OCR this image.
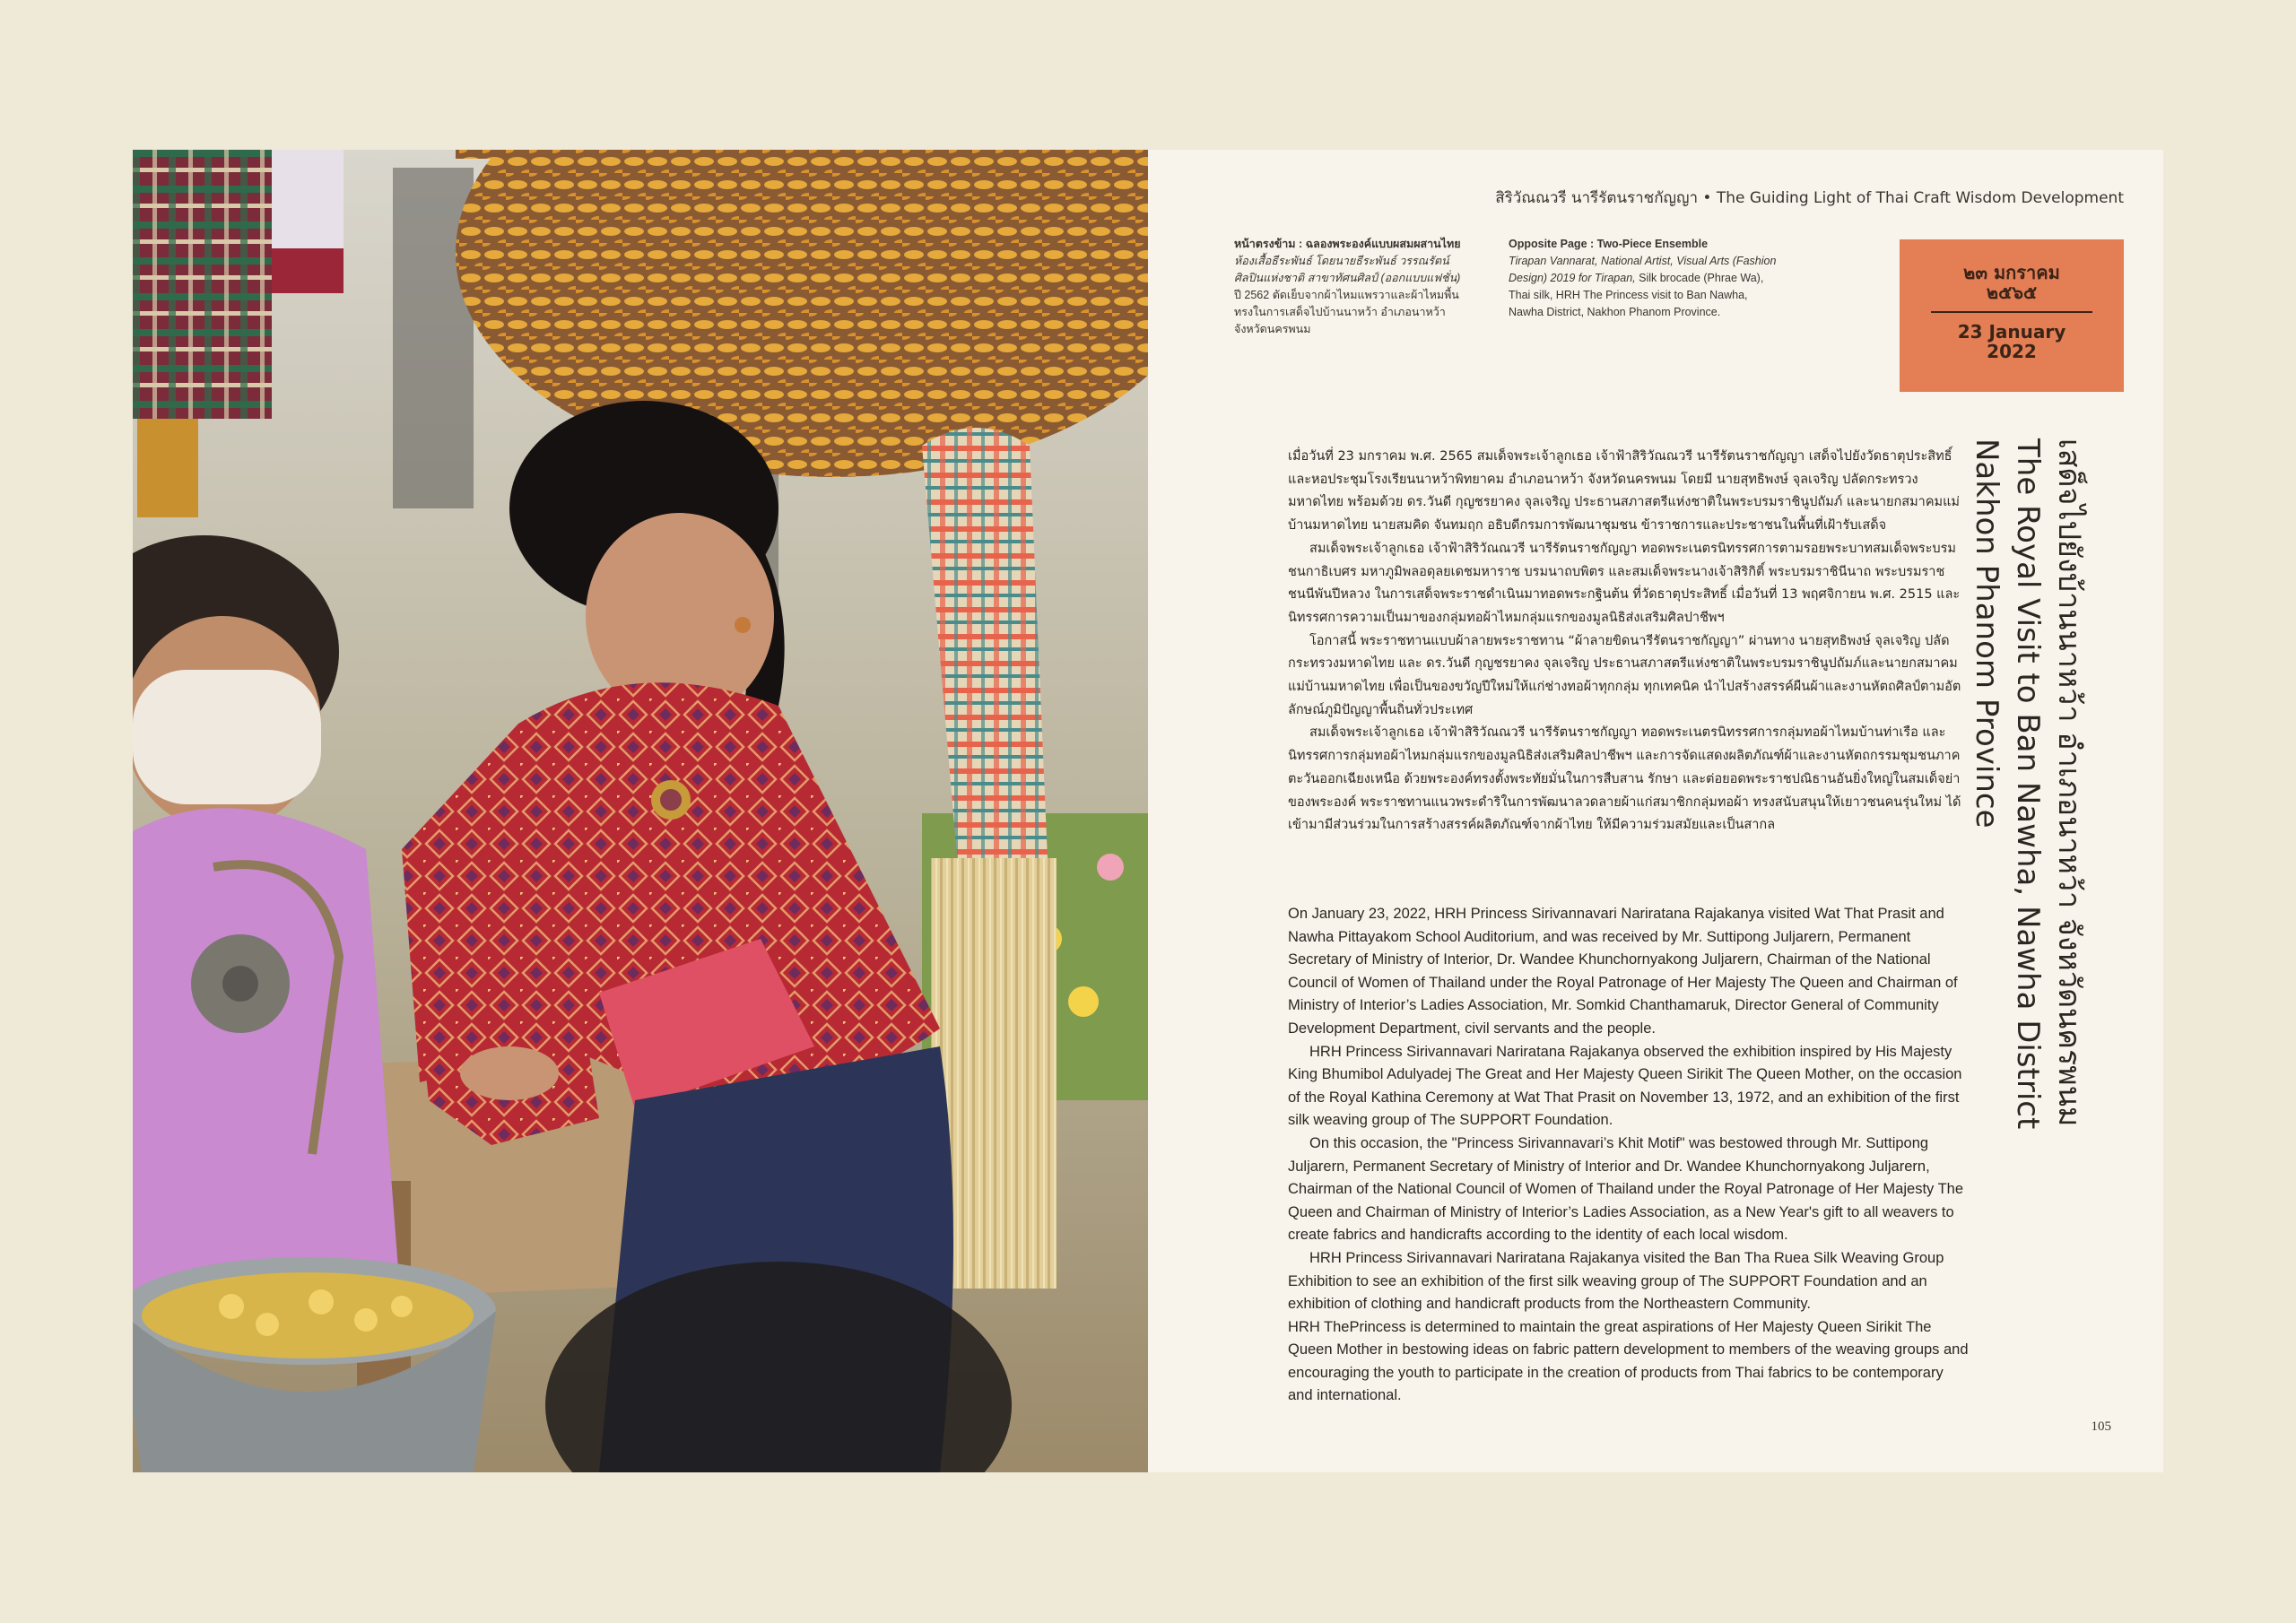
สิริวัณณวรี นารีรัตนราชกัญญา • The Guiding Light of Thai Craft Wisdom Development
หน้าตรงข้าม : ฉลองพระองค์แบบผสมผสานไทย
ห้องเสื้อธีระพันธ์ โดยนายธีระพันธ์ วรรณรัตน์
ศิลปินแห่งชาติ สาขาทัศนศิลป์ (ออกแบบแฟชั่น)
ปี 2562 ตัดเย็บจากผ้าไหมแพรวาและผ้าไหมพื้น
ทรงในการเสด็จไปบ้านนาหว้า อำเภอนาหว้า
จังหวัดนครพนม
Opposite Page : Two-Piece Ensemble
Tirapan Vannarat, National Artist, Visual Arts (Fashion Design) 2019 for Tirapan, Silk brocade (Phrae Wa), Thai silk, HRH The Princess visit to Ban Nawha, Nawha District, Nakhon Phanom Province.
๒๓ มกราคม
๒๕๖๕
23 January
2022
เสด็จไปยังบ้านนาหว้า อำเภอนาหว้า จังหวัดนครพนม
The Royal Visit to Ban Nawha, Nawha District
Nakhon Phanom Province

เมื่อวันที่ 23 มกราคม พ.ศ. 2565 สมเด็จพระเจ้าลูกเธอ เจ้าฟ้าสิริวัณณวรี นารีรัตนราชกัญญา เสด็จไปยังวัดธาตุประสิทธิ์ และหอประชุมโรงเรียนนาหว้าพิทยาคม อำเภอนาหว้า จังหวัดนครพนม โดยมี นายสุทธิพงษ์ จุลเจริญ ปลัดกระทรวงมหาดไทย พร้อมด้วย ดร.วันดี กุญชรยาคง จุลเจริญ ประธานสภาสตรีแห่งชาติในพระบรมราชินูปถัมภ์ และนายกสมาคมแม่บ้านมหาดไทย นายสมคิด จันทมฤก อธิบดีกรมการพัฒนาชุมชน ข้าราชการและประชาชนในพื้นที่เฝ้ารับเสด็จ

สมเด็จพระเจ้าลูกเธอ เจ้าฟ้าสิริวัณณวรี นารีรัตนราชกัญญา ทอดพระเนตรนิทรรศการตามรอยพระบาทสมเด็จพระบรมชนกาธิเบศร มหาภูมิพลอดุลยเดชมหาราช บรมนาถบพิตร และสมเด็จพระนางเจ้าสิริกิติ์ พระบรมราชินีนาถ พระบรมราชชนนีพันปีหลวง ในการเสด็จพระราชดำเนินมาทอดพระกฐินต้น ที่วัดธาตุประสิทธิ์ เมื่อวันที่ 13 พฤศจิกายน พ.ศ. 2515 และนิทรรศการความเป็นมาของกลุ่มทอผ้าไหมกลุ่มแรกของมูลนิธิส่งเสริมศิลปาชีพฯ

โอกาสนี้ พระราชทานแบบผ้าลายพระราชทาน “ผ้าลายขิดนารีรัตนราชกัญญา” ผ่านทาง นายสุทธิพงษ์ จุลเจริญ ปลัดกระทรวงมหาดไทย และ ดร.วันดี กุญชรยาคง จุลเจริญ ประธานสภาสตรีแห่งชาติในพระบรมราชินูปถัมภ์และนายกสมาคมแม่บ้านมหาดไทย เพื่อเป็นของขวัญปีใหม่ให้แก่ช่างทอผ้าทุกกลุ่ม ทุกเทคนิค นำไปสร้างสรรค์ผืนผ้าและงานหัตถศิลป์ตามอัตลักษณ์ภูมิปัญญาพื้นถิ่นทั่วประเทศ

สมเด็จพระเจ้าลูกเธอ เจ้าฟ้าสิริวัณณวรี นารีรัตนราชกัญญา ทอดพระเนตรนิทรรศการกลุ่มทอผ้าไหมบ้านท่าเรือ และนิทรรศการกลุ่มทอผ้าไหมกลุ่มแรกของมูลนิธิส่งเสริมศิลปาชีพฯ และการจัดแสดงผลิตภัณฑ์ผ้าและงานหัตถกรรมชุมชนภาคตะวันออกเฉียงเหนือ ด้วยพระองค์ทรงตั้งพระทัยมั่นในการสืบสาน รักษา และต่อยอดพระราชปณิธานอันยิ่งใหญ่ในสมเด็จย่าของพระองค์ พระราชทานแนวพระดำริในการพัฒนาลวดลายผ้าแก่สมาชิกกลุ่มทอผ้า ทรงสนับสนุนให้เยาวชนคนรุ่นใหม่ ได้เข้ามามีส่วนร่วมในการสร้างสรรค์ผลิตภัณฑ์จากผ้าไทย ให้มีความร่วมสมัยและเป็นสากล

On January 23, 2022, HRH Princess Sirivannavari Nariratana Rajakanya visited Wat That Prasit and Nawha Pittayakom School Auditorium, and was received by Mr. Suttipong Juljarern, Permanent Secretary of Ministry of Interior, Dr. Wandee Khunchornyakong Juljarern, Chairman of the National Council of Women of Thailand under the Royal Patronage of Her Majesty The Queen and Chairman of Ministry of Interior’s Ladies Association, Mr. Somkid Chanthamaruk, Director General of Community Development Department, civil servants and the people.

HRH Princess Sirivannavari Nariratana Rajakanya observed the exhibition inspired by His Majesty King Bhumibol Adulyadej The Great and Her Majesty Queen Sirikit The Queen Mother, on the occasion of the Royal Kathina Ceremony at Wat That Prasit on November 13, 1972, and an exhibition of the first silk weaving group of The SUPPORT Foundation.

On this occasion, the "Princess Sirivannavari’s Khit Motif" was bestowed through Mr. Suttipong Juljarern, Permanent Secretary of Ministry of Interior and Dr. Wandee Khunchornyakong Juljarern, Chairman of the National Council of Women of Thailand under the Royal Patronage of Her Majesty The Queen and Chairman of Ministry of Interior’s Ladies Association, as a New Year's gift to all weavers to create fabrics and handicrafts according to the identity of each local wisdom.

HRH Princess Sirivannavari Nariratana Rajakanya visited the Ban Tha Ruea Silk Weaving Group Exhibition to see an exhibition of the first silk weaving group of The SUPPORT Foundation and an exhibition of clothing and handicraft products from the Northeastern Community.

HRH ThePrincess is determined to maintain the great aspirations of Her Majesty Queen Sirikit The Queen Mother in bestowing ideas on fabric pattern development to members of the weaving groups and encouraging the youth to participate in the creation of products from Thai fabrics to be contemporary and international.

105
